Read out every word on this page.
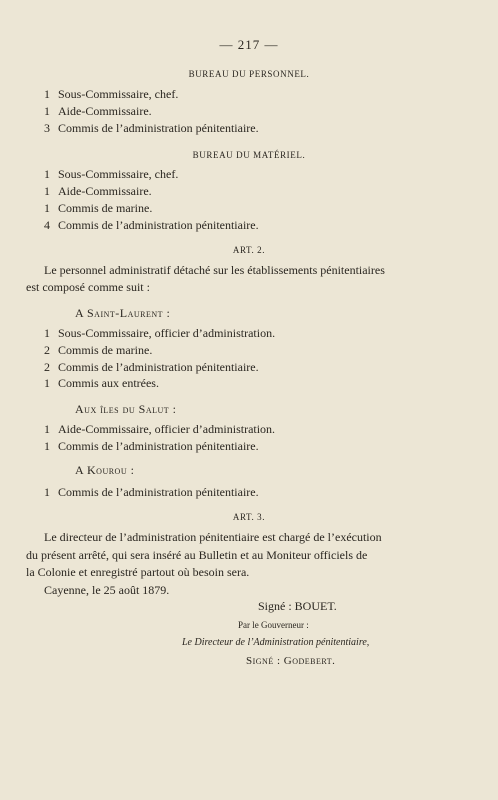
— 217 —
BUREAU DU PERSONNEL.
1 Sous-Commissaire, chef.
1 Aide-Commissaire.
3 Commis de l’administration pénitentiaire.
BUREAU DU MATÉRIEL.
1 Sous-Commissaire, chef.
1 Aide-Commissaire.
1 Commis de marine.
4 Commis de l’administration pénitentiaire.
ART. 2.
Le personnel administratif détaché sur les établissements pénitentiaires
est composé comme suit :
A Saint-Laurent :
1 Sous-Commissaire, officier d’administration.
2 Commis de marine.
2 Commis de l’administration pénitentiaire.
1 Commis aux entrées.
Aux îles du Salut :
1 Aide-Commissaire, officier d’administration.
1 Commis de l’administration pénitentiaire.
A Kourou :
1 Commis de l’administration pénitentiaire.
ART. 3.
Le directeur de l’administration pénitentiaire est chargé de l’exécution
du présent arrêté, qui sera inséré au Bulletin et au Moniteur officiels de
la Colonie et enregistré partout où besoin sera.
Cayenne, le 25 août 1879.
Signé : BOUET.
Par le Gouverneur :
Le Directeur de l’Administration pénitentiaire,
Signé : Godebert.
